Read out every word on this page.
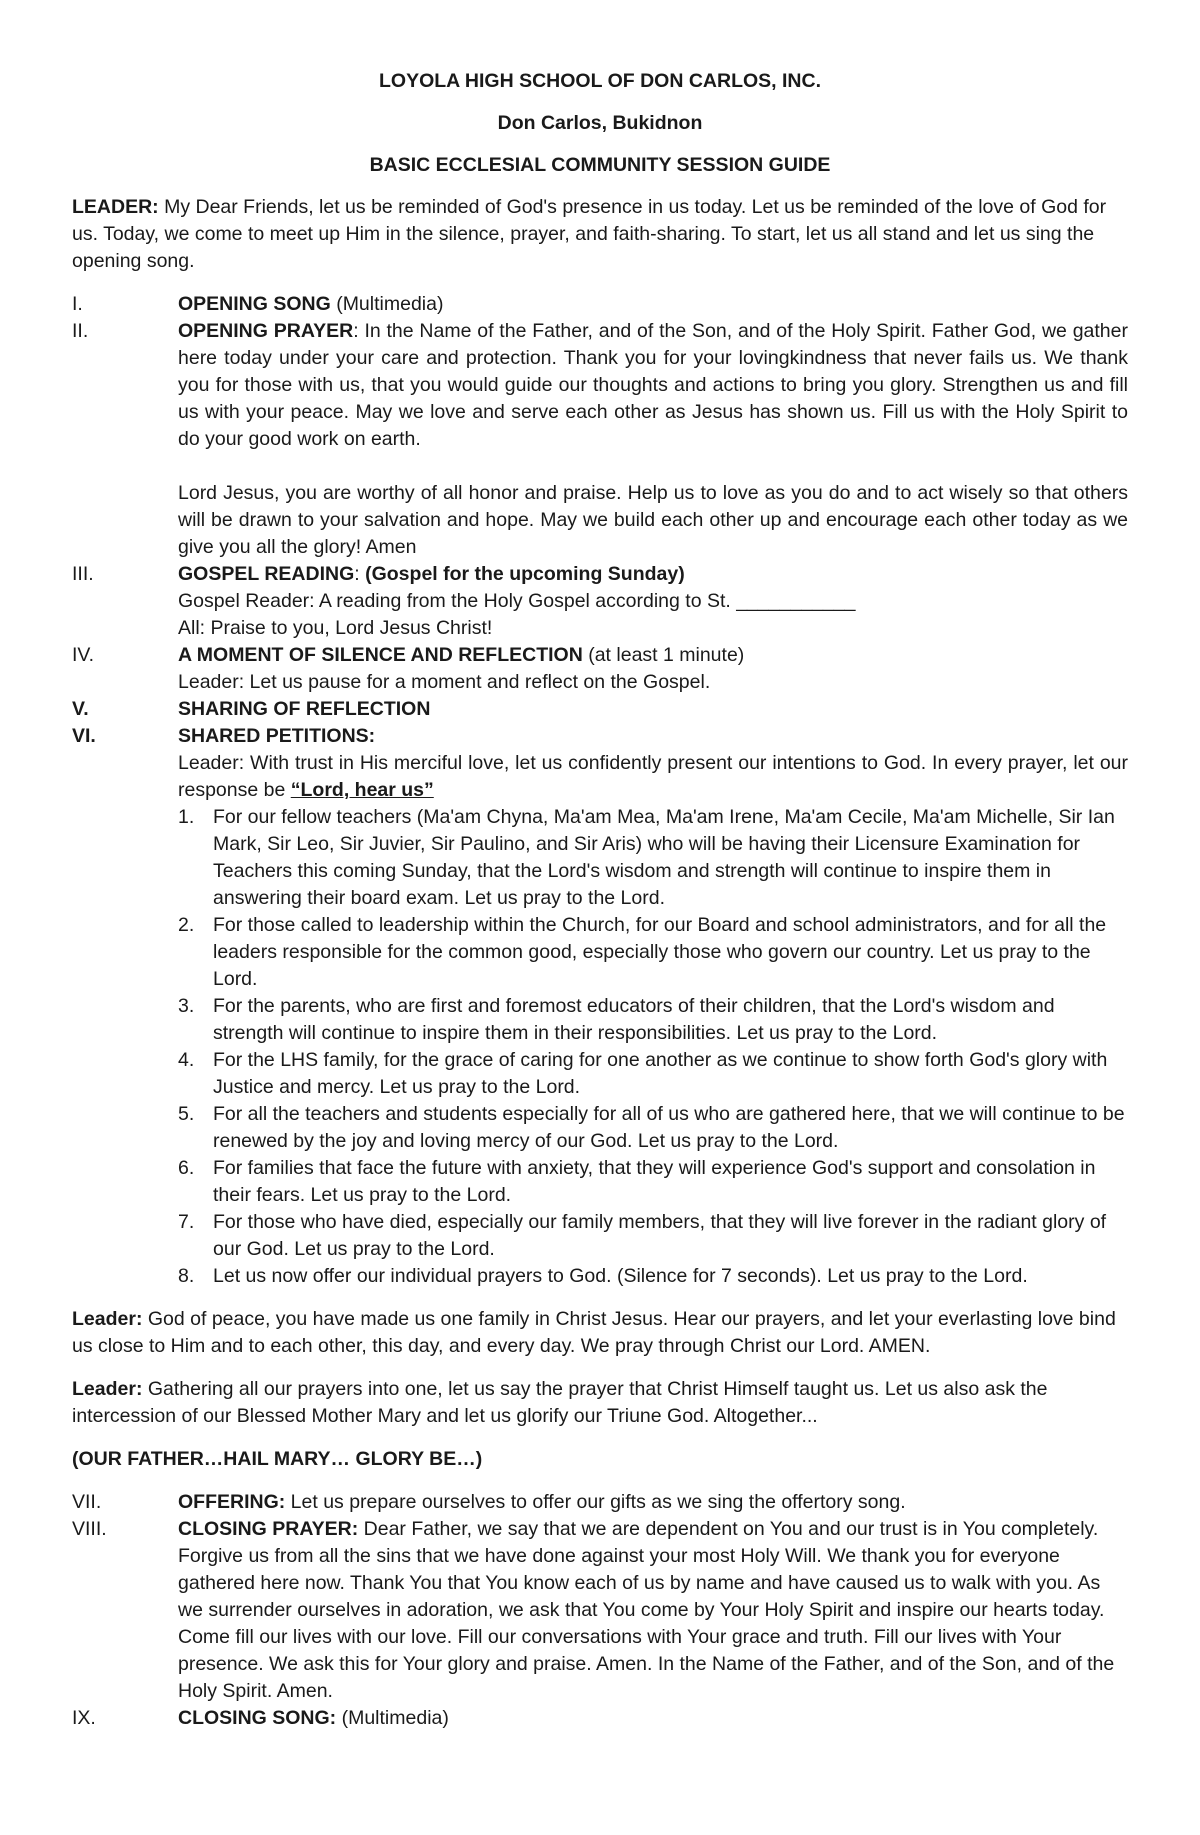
LOYOLA HIGH SCHOOL OF DON CARLOS, INC.

Don Carlos, Bukidnon

BASIC ECCLESIAL COMMUNITY SESSION GUIDE

LEADER: My Dear Friends, let us be reminded of God's presence in us today. Let us be reminded of the love of God for us. Today, we come to meet up Him in the silence, prayer, and faith-sharing. To start, let us all stand and let us sing the opening song.

I.	OPENING SONG (Multimedia)
II.	OPENING PRAYER: In the Name of the Father, and of the Son, and of the Holy Spirit. Father God, we gather here today under your care and protection. Thank you for your lovingkindness that never fails us. We thank you for those with us, that you would guide our thoughts and actions to bring you glory. Strengthen us and fill us with your peace. May we love and serve each other as Jesus has shown us. Fill us with the Holy Spirit to do your good work on earth.

Lord Jesus, you are worthy of all honor and praise. Help us to love as you do and to act wisely so that others will be drawn to your salvation and hope. May we build each other up and encourage each other today as we give you all the glory! Amen

III.	GOSPEL READING: (Gospel for the upcoming Sunday)

Gospel Reader: A reading from the Holy Gospel according to St. ___________

All: Praise to you, Lord Jesus Christ!

IV.	A MOMENT OF SILENCE AND REFLECTION (at least 1 minute)

Leader: Let us pause for a moment and reflect on the Gospel.

V.	SHARING OF REFLECTION
VI.	SHARED PETITIONS:

Leader: With trust in His merciful love, let us confidently present our intentions to God. In every prayer, let our response be “Lord, hear us”

1. For our fellow teachers (Ma'am Chyna, Ma'am Mea, Ma'am Irene, Ma'am Cecile, Ma'am Michelle, Sir Ian Mark, Sir Leo, Sir Juvier, Sir Paulino, and Sir Aris) who will be having their Licensure Examination for Teachers this coming Sunday, that the Lord's wisdom and strength will continue to inspire them in answering their board exam. Let us pray to the Lord.
2. For those called to leadership within the Church, for our Board and school administrators, and for all the leaders responsible for the common good, especially those who govern our country. Let us pray to the Lord.
3. For the parents, who are first and foremost educators of their children, that the Lord's wisdom and strength will continue to inspire them in their responsibilities. Let us pray to the Lord.
4. For the LHS family, for the grace of caring for one another as we continue to show forth God's glory with Justice and mercy. Let us pray to the Lord.
5. For all the teachers and students especially for all of us who are gathered here, that we will continue to be renewed by the joy and loving mercy of our God. Let us pray to the Lord.
6. For families that face the future with anxiety, that they will experience God's support and consolation in their fears. Let us pray to the Lord.
7. For those who have died, especially our family members, that they will live forever in the radiant glory of our God. Let us pray to the Lord.
8. Let us now offer our individual prayers to God. (Silence for 7 seconds). Let us pray to the Lord.

Leader: God of peace, you have made us one family in Christ Jesus. Hear our prayers, and let your everlasting love bind us close to Him and to each other, this day, and every day. We pray through Christ our Lord. AMEN.

Leader: Gathering all our prayers into one, let us say the prayer that Christ Himself taught us. Let us also ask the intercession of our Blessed Mother Mary and let us glorify our Triune God. Altogether...

(OUR FATHER…HAIL MARY… GLORY BE…)

VII.	OFFERING: Let us prepare ourselves to offer our gifts as we sing the offertory song.
VIII.	CLOSING PRAYER: Dear Father, we say that we are dependent on You and our trust is in You completely. Forgive us from all the sins that we have done against your most Holy Will. We thank you for everyone gathered here now. Thank You that You know each of us by name and have caused us to walk with you. As we surrender ourselves in adoration, we ask that You come by Your Holy Spirit and inspire our hearts today. Come fill our lives with our love. Fill our conversations with Your grace and truth. Fill our lives with Your presence. We ask this for Your glory and praise. Amen. In the Name of the Father, and of the Son, and of the Holy Spirit. Amen.
IX.	CLOSING SONG: (Multimedia)
